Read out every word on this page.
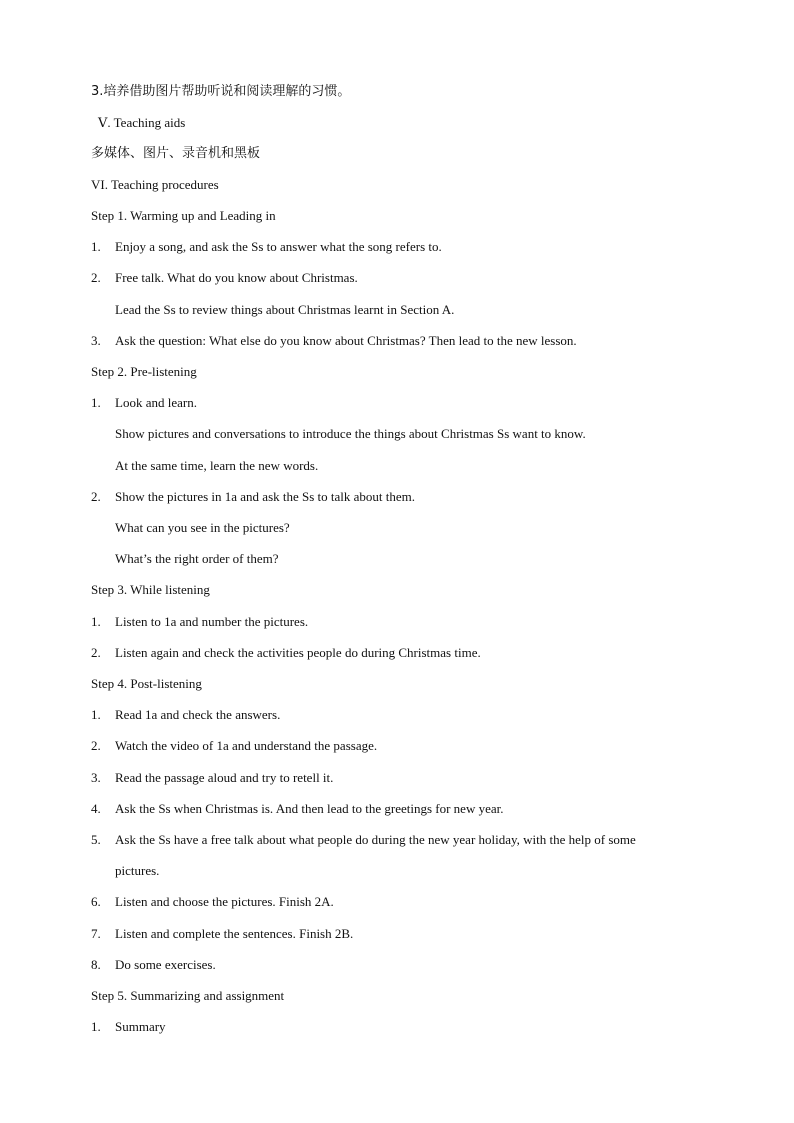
3.培养借助图片帮助听说和阅读理解的习惯。
Ⅴ. Teaching aids
多媒体、图片、录音机和黑板
VI. Teaching procedures
Step 1. Warming up and Leading in
1. Enjoy a song, and ask the Ss to answer what the song refers to.
2. Free talk. What do you know about Christmas.
Lead the Ss to review things about Christmas learnt in Section A.
3. Ask the question: What else do you know about Christmas? Then lead to the new lesson.
Step 2. Pre-listening
1. Look and learn.
Show pictures and conversations to introduce the things about Christmas Ss want to know.
At the same time, learn the new words.
2. Show the pictures in 1a and ask the Ss to talk about them.
What can you see in the pictures?
What’s the right order of them?
Step 3. While listening
1. Listen to 1a and number the pictures.
2. Listen again and check the activities people do during Christmas time.
Step 4. Post-listening
1. Read 1a and check the answers.
2. Watch the video of 1a and understand the passage.
3. Read the passage aloud and try to retell it.
4. Ask the Ss when Christmas is. And then lead to the greetings for new year.
5. Ask the Ss have a free talk about what people do during the new year holiday, with the help of some
pictures.
6. Listen and choose the pictures. Finish 2A.
7. Listen and complete the sentences. Finish 2B.
8. Do some exercises.
Step 5. Summarizing and assignment
1. Summary
